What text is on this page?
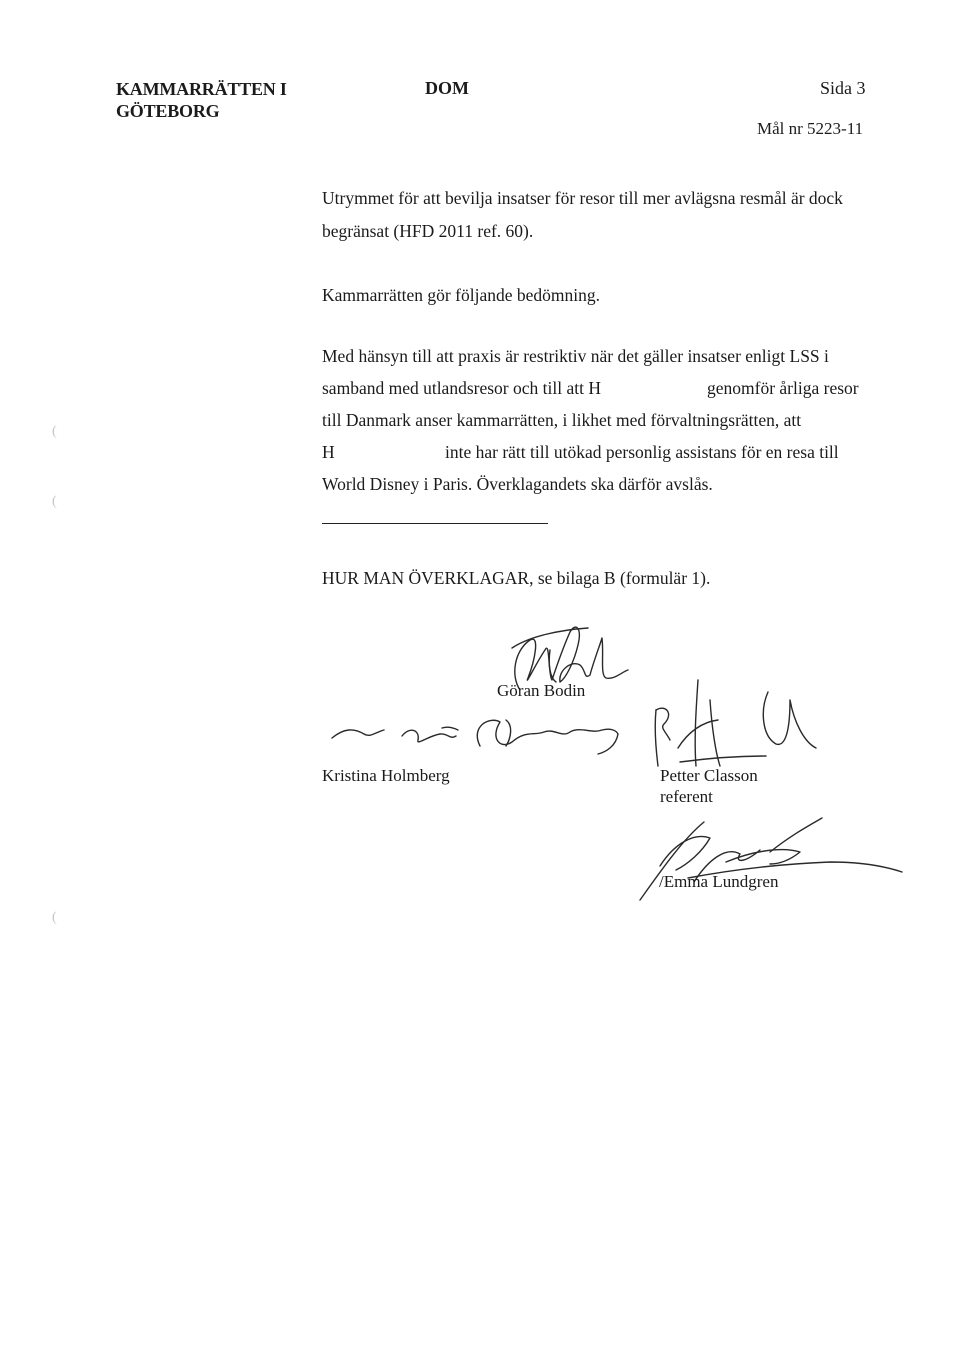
(
(
(
KAMMARRÄTTEN I
GÖTEBORG
DOM	Sida 3
Mål nr 5223-11
Utrymmet för att bevilja insatser för resor till mer avlägsna resmål är dock
begränsat (HFD 2011 ref. 60).
Kammarrätten gör följande bedömning.
Med hänsyn till att praxis är restriktiv när det gäller insatser enligt LSS i
samband med utlandsresor och till att H	genomför årliga resor
till Danmark anser kammarrätten, i likhet med förvaltningsrätten, att
H	inte har rätt till utökad personlig assistans för en resa till
World Disney i Paris. Överklagandets ska därför avslås.
HUR MAN ÖVERKLAGAR, se bilaga B (formulär 1).
Göran Bodin
Kristina Holmberg	Petter Classon
referent
/Emma Lundgren
